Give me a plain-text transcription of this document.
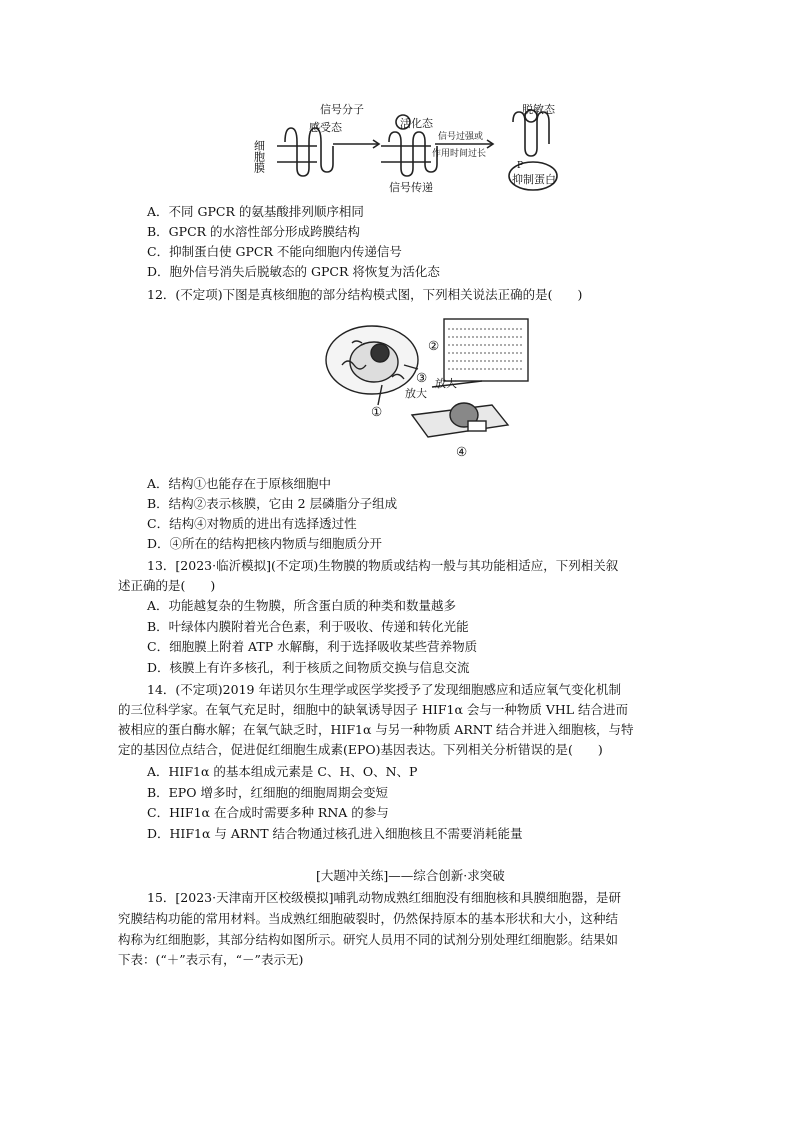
细胞膜
信号分子
感受态	活化态
信号传递
信号过强或
作用时间过长
脱敏态
抑制蛋白
P
A．不同 GPCR 的氨基酸排列顺序相同
B．GPCR 的水溶性部分形成跨膜结构
C．抑制蛋白使 GPCR 不能向细胞内传递信号
D．胞外信号消失后脱敏态的 GPCR 将恢复为活化态
12．(不定项)下图是真核细胞的部分结构模式图，下列相关说法正确的是(　　)
①
②
③
④
放大
放大
A．结构①也能存在于原核细胞中
B．结构②表示核膜，它由 2 层磷脂分子组成
C．结构④对物质的进出有选择透过性
D．④所在的结构把核内物质与细胞质分开
13．[2023·临沂模拟](不定项)生物膜的物质或结构一般与其功能相适应，下列相关叙
述正确的是(　　)
A．功能越复杂的生物膜，所含蛋白质的种类和数量越多
B．叶绿体内膜附着光合色素，利于吸收、传递和转化光能
C．细胞膜上附着 ATP 水解酶，利于选择吸收某些营养物质
D．核膜上有许多核孔，利于核质之间物质交换与信息交流
14．(不定项)2019 年诺贝尔生理学或医学奖授予了发现细胞感应和适应氧气变化机制
的三位科学家。在氧气充足时，细胞中的缺氧诱导因子 HIF1α 会与一种物质 VHL 结合进而
被相应的蛋白酶水解；在氧气缺乏时，HIF1α 与另一种物质 ARNT 结合并进入细胞核，与特
定的基因位点结合，促进促红细胞生成素(EPO)基因表达。下列相关分析错误的是(　　)
A．HIF1α 的基本组成元素是 C、H、O、N、P
B．EPO 增多时，红细胞的细胞周期会变短
C．HIF1α 在合成时需要多种 RNA 的参与
D．HIF1α 与 ARNT 结合物通过核孔进入细胞核且不需要消耗能量
[大题冲关练]——综合创新·求突破
15．[2023·天津南开区校级模拟]哺乳动物成熟红细胞没有细胞核和具膜细胞器，是研
究膜结构功能的常用材料。当成熟红细胞破裂时，仍然保持原本的基本形状和大小，这种结
构称为红细胞影，其部分结构如图所示。研究人员用不同的试剂分别处理红细胞影。结果如
下表：(“＋”表示有，“－”表示无)
